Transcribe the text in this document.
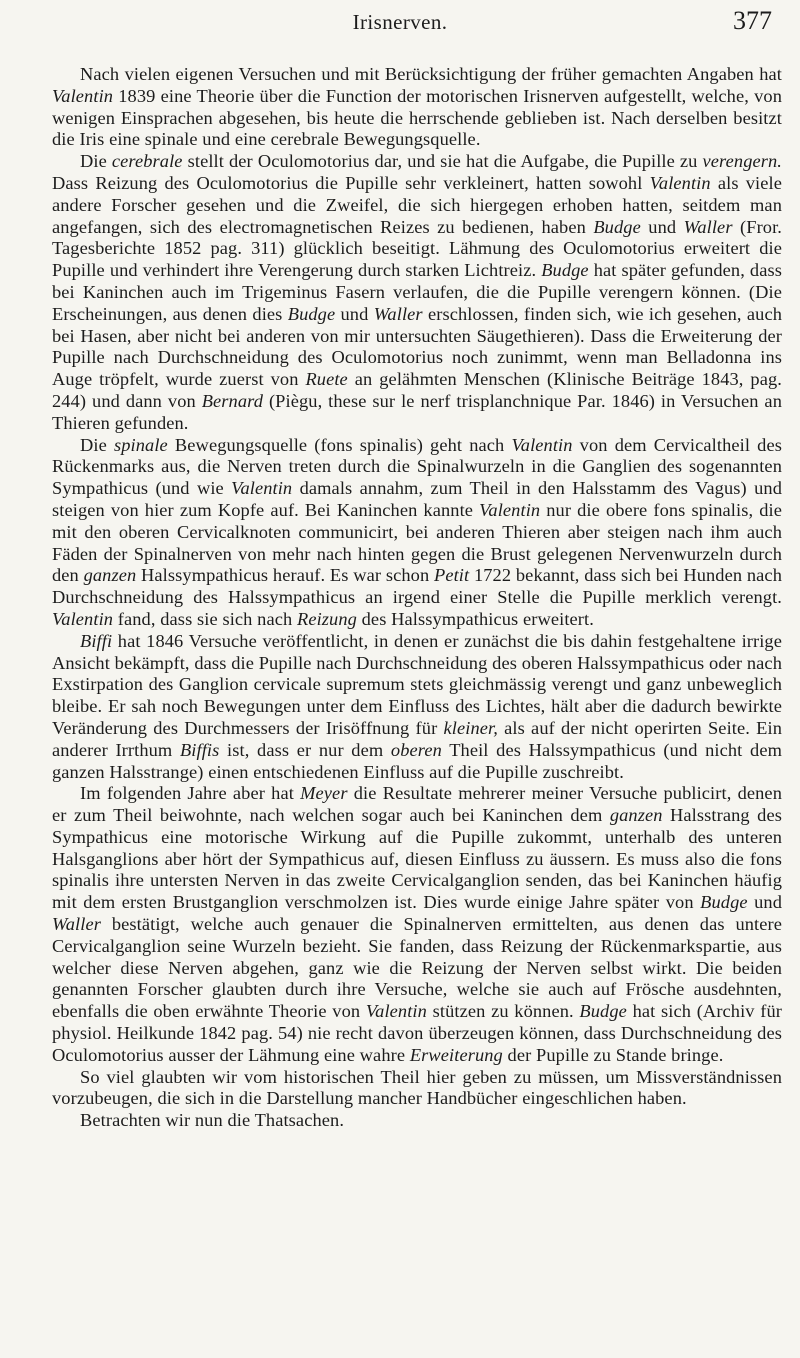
Irisnerven.	377

Nach vielen eigenen Versuchen und mit Berücksichtigung der früher gemachten Angaben hat Valentin 1839 eine Theorie über die Function der motorischen Irisnerven aufgestellt, welche, von wenigen Einsprachen abgesehen, bis heute die herrschende geblieben ist. Nach derselben besitzt die Iris eine spinale und eine cerebrale Bewegungsquelle.

Die cerebrale stellt der Oculomotorius dar, und sie hat die Aufgabe, die Pupille zu verengern. Dass Reizung des Oculomotorius die Pupille sehr verkleinert, hatten sowohl Valentin als viele andere Forscher gesehen und die Zweifel, die sich hiergegen erhoben hatten, seitdem man angefangen, sich des electromagnetischen Reizes zu bedienen, haben Budge und Waller (Fror. Tagesberichte 1852 pag. 311) glücklich beseitigt. Lähmung des Oculomotorius erweitert die Pupille und verhindert ihre Verengerung durch starken Lichtreiz. Budge hat später gefunden, dass bei Kaninchen auch im Trigeminus Fasern verlaufen, die die Pupille verengern können. (Die Erscheinungen, aus denen dies Budge und Waller erschlossen, finden sich, wie ich gesehen, auch bei Hasen, aber nicht bei anderen von mir untersuchten Säugethieren). Dass die Erweiterung der Pupille nach Durchschneidung des Oculomotorius noch zunimmt, wenn man Belladonna ins Auge tröpfelt, wurde zuerst von Ruete an gelähmten Menschen (Klinische Beiträge 1843, pag. 244) und dann von Bernard (Piègu, these sur le nerf trisplanchnique Par. 1846) in Versuchen an Thieren gefunden.

Die spinale Bewegungsquelle (fons spinalis) geht nach Valentin von dem Cervicaltheil des Rückenmarks aus, die Nerven treten durch die Spinalwurzeln in die Ganglien des sogenannten Sympathicus (und wie Valentin damals annahm, zum Theil in den Halsstamm des Vagus) und steigen von hier zum Kopfe auf. Bei Kaninchen kannte Valentin nur die obere fons spinalis, die mit den oberen Cervicalknoten communicirt, bei anderen Thieren aber steigen nach ihm auch Fäden der Spinalnerven von mehr nach hinten gegen die Brust gelegenen Nervenwurzeln durch den ganzen Halssympathicus herauf. Es war schon Petit 1722 bekannt, dass sich bei Hunden nach Durchschneidung des Halssympathicus an irgend einer Stelle die Pupille merklich verengt. Valentin fand, dass sie sich nach Reizung des Halssympathicus erweitert.

Biffi hat 1846 Versuche veröffentlicht, in denen er zunächst die bis dahin festgehaltene irrige Ansicht bekämpft, dass die Pupille nach Durchschneidung des oberen Halssympathicus oder nach Exstirpation des Ganglion cervicale supremum stets gleichmässig verengt und ganz unbeweglich bleibe. Er sah noch Bewegungen unter dem Einfluss des Lichtes, hält aber die dadurch bewirkte Veränderung des Durchmessers der Irisöffnung für kleiner, als auf der nicht operirten Seite. Ein anderer Irrthum Biffis ist, dass er nur dem oberen Theil des Halssympathicus (und nicht dem ganzen Halsstrange) einen entschiedenen Einfluss auf die Pupille zuschreibt.

Im folgenden Jahre aber hat Meyer die Resultate mehrerer meiner Versuche publicirt, denen er zum Theil beiwohnte, nach welchen sogar auch bei Kaninchen dem ganzen Halsstrang des Sympathicus eine motorische Wirkung auf die Pupille zukommt, unterhalb des unteren Halsganglions aber hört der Sympathicus auf, diesen Einfluss zu äussern. Es muss also die fons spinalis ihre untersten Nerven in das zweite Cervicalganglion senden, das bei Kaninchen häufig mit dem ersten Brustganglion verschmolzen ist. Dies wurde einige Jahre später von Budge und Waller bestätigt, welche auch genauer die Spinalnerven ermittelten, aus denen das untere Cervicalganglion seine Wurzeln bezieht. Sie fanden, dass Reizung der Rückenmarkspartie, aus welcher diese Nerven abgehen, ganz wie die Reizung der Nerven selbst wirkt. Die beiden genannten Forscher glaubten durch ihre Versuche, welche sie auch auf Frösche ausdehnten, ebenfalls die oben erwähnte Theorie von Valentin stützen zu können. Budge hat sich (Archiv für physiol. Heilkunde 1842 pag. 54) nie recht davon überzeugen können, dass Durchschneidung des Oculomotorius ausser der Lähmung eine wahre Erweiterung der Pupille zu Stande bringe.

So viel glaubten wir vom historischen Theil hier geben zu müssen, um Missverständnissen vorzubeugen, die sich in die Darstellung mancher Handbücher eingeschlichen haben.

Betrachten wir nun die Thatsachen.
